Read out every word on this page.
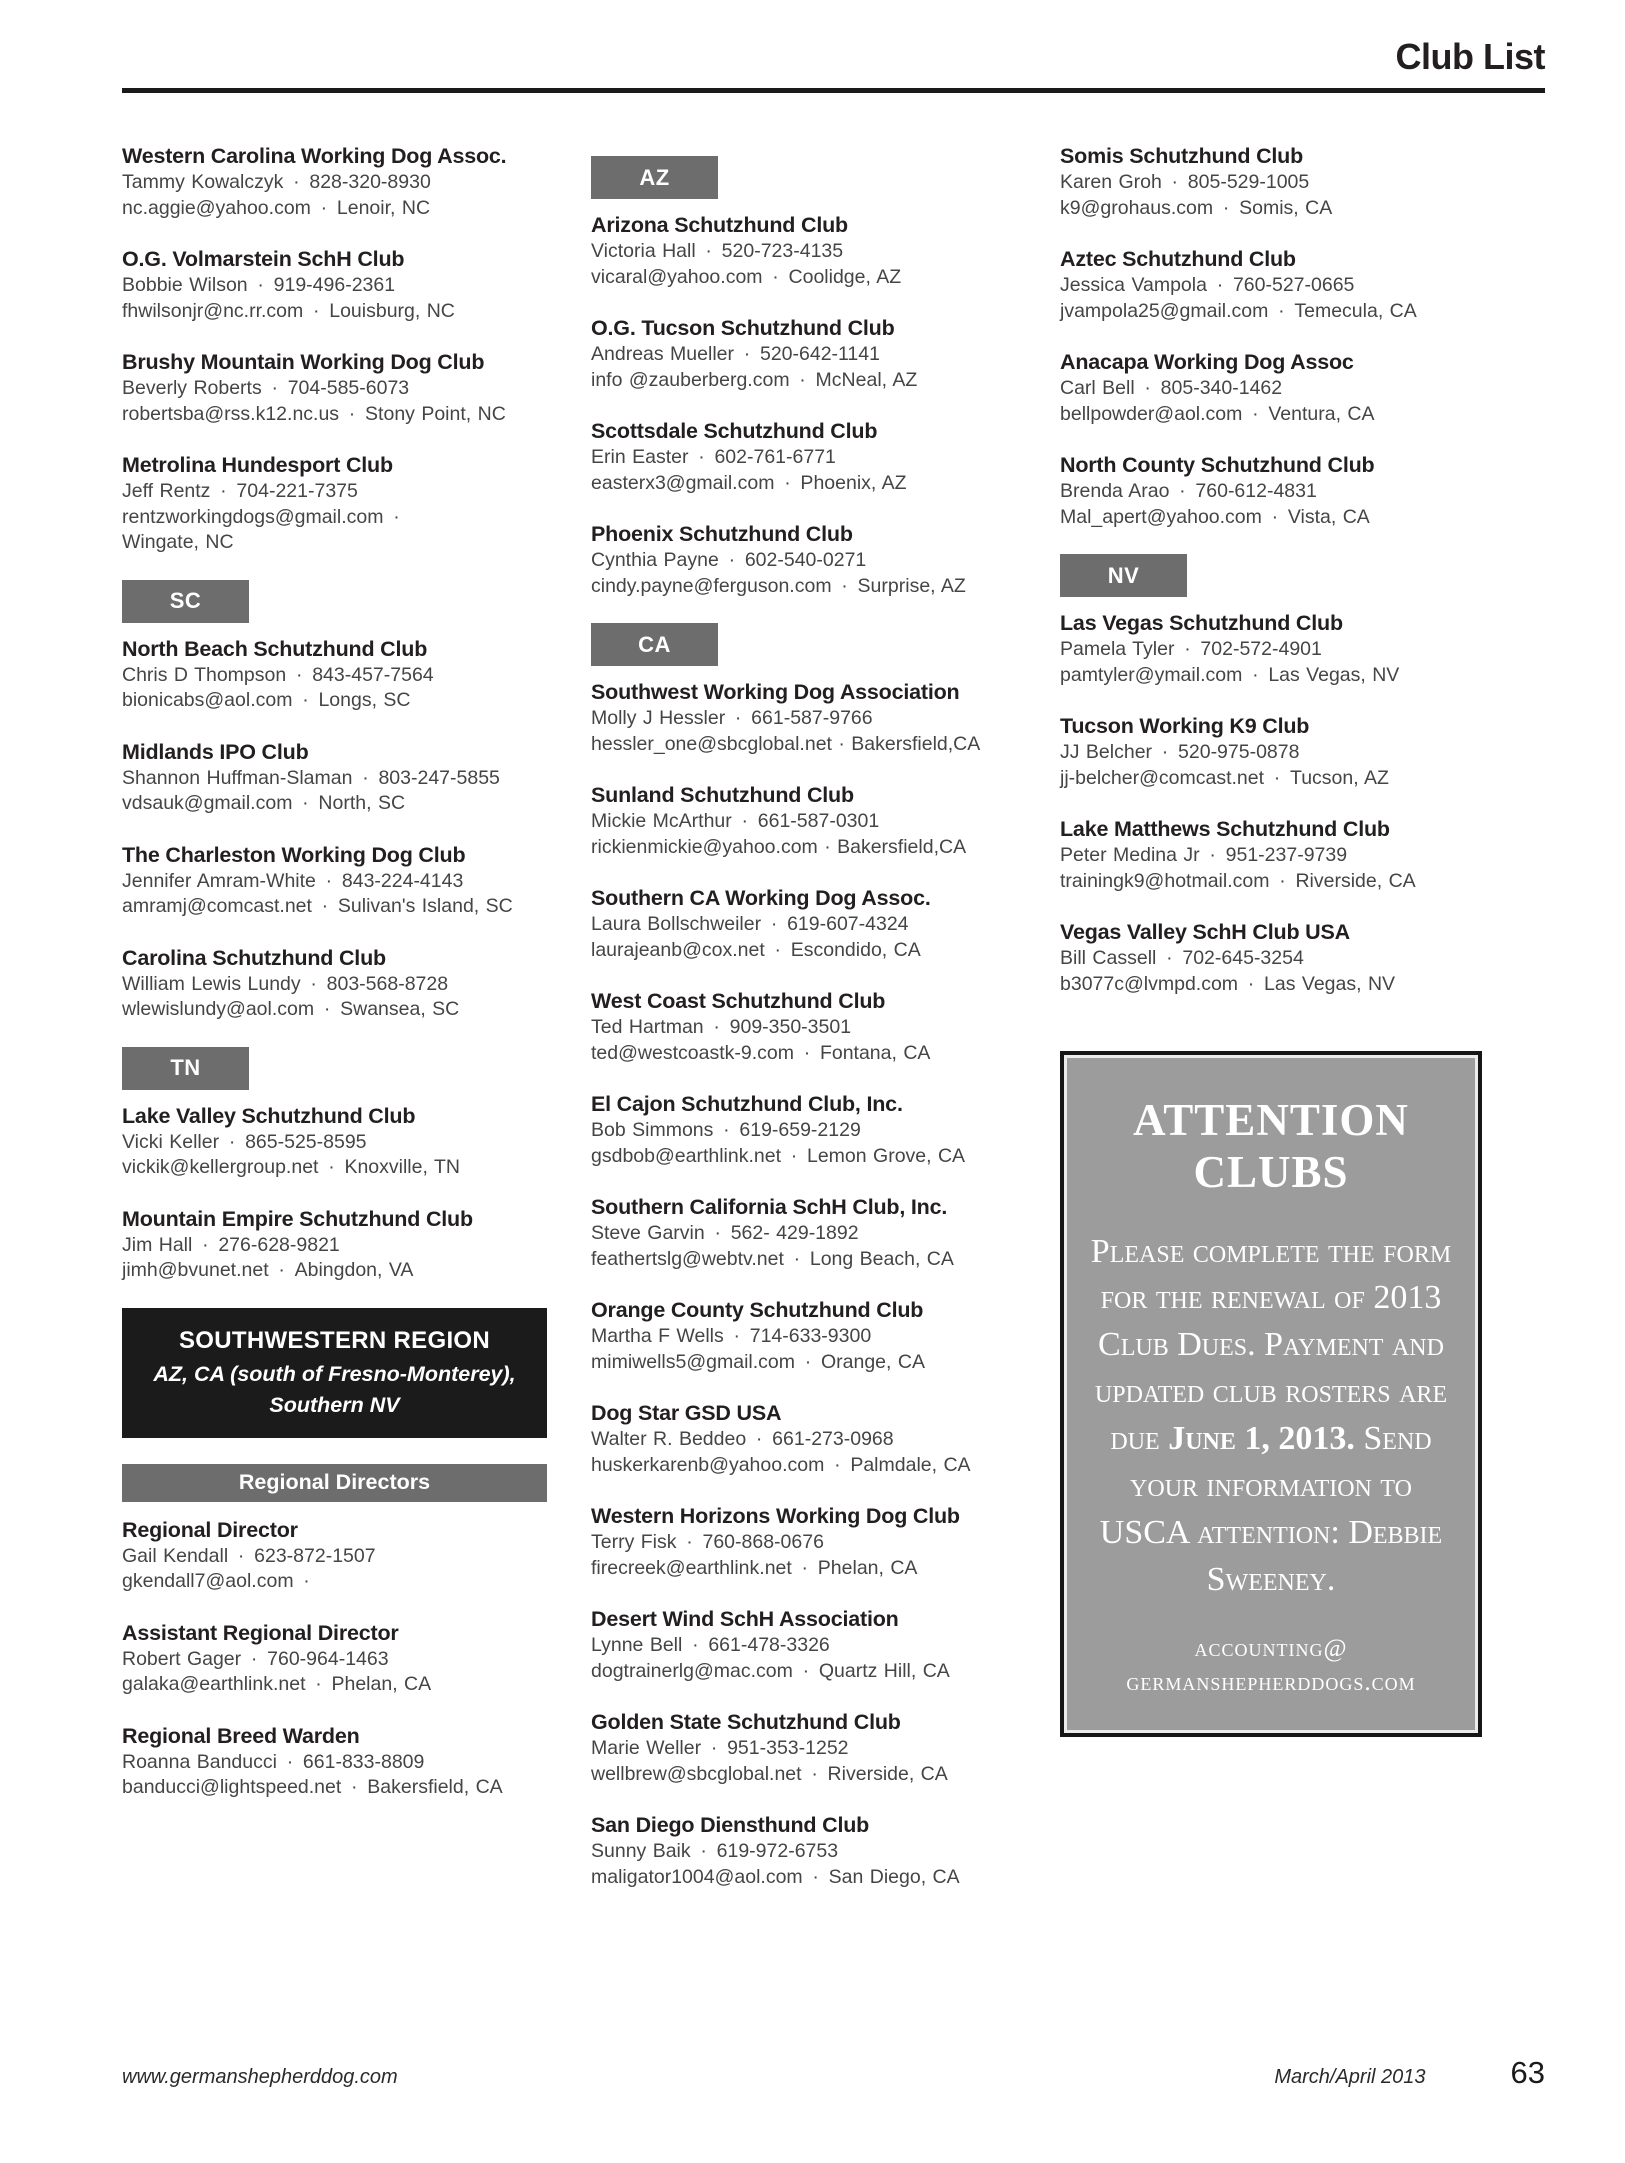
Club List
Western Carolina Working Dog Assoc.

Tammy Kowalczyk · 828-320-8930

nc.aggie@yahoo.com · Lenoir, NC

O.G. Volmarstein SchH Club

Bobbie Wilson · 919-496-2361

fhwilsonjr@nc.rr.com · Louisburg, NC

Brushy Mountain Working Dog Club

Beverly Roberts · 704-585-6073

robertsba@rss.k12.nc.us · Stony Point, NC

Metrolina Hundesport Club

Jeff Rentz · 704-221-7375

rentzworkingdogs@gmail.com ·

Wingate, NC

SC
North Beach Schutzhund Club

Chris D Thompson · 843-457-7564

bionicabs@aol.com · Longs, SC

Midlands IPO Club

Shannon Huffman-Slaman · 803-247-5855

vdsauk@gmail.com · North, SC

The Charleston Working Dog Club

Jennifer Amram-White · 843-224-4143

amramj@comcast.net · Sulivan's Island, SC

Carolina Schutzhund Club

William Lewis Lundy · 803-568-8728

wlewislundy@aol.com · Swansea, SC

TN
Lake Valley Schutzhund Club

Vicki Keller · 865-525-8595

vickik@kellergroup.net · Knoxville, TN

Mountain Empire Schutzhund Club

Jim Hall · 276-628-9821

jimh@bvunet.net · Abingdon, VA

SOUTHWESTERN REGION

AZ, CA (south of Fresno-Monterey),

Southern NV

Regional Directors
Regional Director

Gail Kendall · 623-872-1507

gkendall7@aol.com ·

Assistant Regional Director

Robert Gager · 760-964-1463

galaka@earthlink.net · Phelan, CA

Regional Breed Warden

Roanna Banducci · 661-833-8809

banducci@lightspeed.net · Bakersfield, CA

AZ
Arizona Schutzhund Club

Victoria Hall · 520-723-4135

vicaral@yahoo.com · Coolidge, AZ

O.G. Tucson Schutzhund Club

Andreas Mueller · 520-642-1141

info @zauberberg.com · McNeal, AZ

Scottsdale Schutzhund Club

Erin Easter · 602-761-6771

easterx3@gmail.com · Phoenix, AZ

Phoenix Schutzhund Club

Cynthia Payne · 602-540-0271

cindy.payne@ferguson.com · Surprise, AZ

CA
Southwest Working Dog Association

Molly J Hessler · 661-587-9766

hessler_one@sbcglobal.net · Bakersfield,CA

Sunland Schutzhund Club

Mickie McArthur · 661-587-0301

rickienmickie@yahoo.com · Bakersfield,CA

Southern CA Working Dog Assoc.

Laura Bollschweiler · 619-607-4324

laurajeanb@cox.net · Escondido, CA

West Coast Schutzhund Club

Ted Hartman · 909-350-3501

ted@westcoastk-9.com · Fontana, CA

El Cajon Schutzhund Club, Inc.

Bob Simmons · 619-659-2129

gsdbob@earthlink.net · Lemon Grove, CA

Southern California SchH Club, Inc.

Steve Garvin · 562- 429-1892

feathertslg@webtv.net · Long Beach, CA

Orange County Schutzhund Club

Martha F Wells · 714-633-9300

mimiwells5@gmail.com · Orange, CA

Dog Star GSD USA

Walter R. Beddeo · 661-273-0968

huskerkarenb@yahoo.com · Palmdale, CA

Western Horizons Working Dog Club

Terry Fisk · 760-868-0676

firecreek@earthlink.net · Phelan, CA

Desert Wind SchH Association

Lynne Bell · 661-478-3326

dogtrainerlg@mac.com · Quartz Hill, CA

Golden State Schutzhund Club

Marie Weller · 951-353-1252

wellbrew@sbcglobal.net · Riverside, CA

San Diego Diensthund Club

Sunny Baik · 619-972-6753

maligator1004@aol.com · San Diego, CA

Somis Schutzhund Club

Karen Groh · 805-529-1005

k9@grohaus.com · Somis, CA

Aztec Schutzhund Club

Jessica Vampola · 760-527-0665

jvampola25@gmail.com · Temecula, CA

Anacapa Working Dog Assoc

Carl Bell · 805-340-1462

bellpowder@aol.com · Ventura, CA

North County Schutzhund Club

Brenda Arao · 760-612-4831

Mal_apert@yahoo.com · Vista, CA

NV
Las Vegas Schutzhund Club

Pamela Tyler · 702-572-4901

pamtyler@ymail.com · Las Vegas, NV

Tucson Working K9 Club

JJ Belcher · 520-975-0878

jj-belcher@comcast.net · Tucson, AZ

Lake Matthews Schutzhund Club

Peter Medina Jr · 951-237-9739

trainingk9@hotmail.com · Riverside, CA

Vegas Valley SchH Club USA

Bill Cassell · 702-645-3254

b3077c@lvmpd.com · Las Vegas, NV

ATTENTION CLUBS

Please complete the form for the renewal of 2013 Club Dues. Payment and updated club rosters are due June 1, 2013. Send your information to USCA attention: Debbie Sweeney.

accounting@

germanshepherddogs.com

www.germanshepherddog.com	March/April 2013	63
